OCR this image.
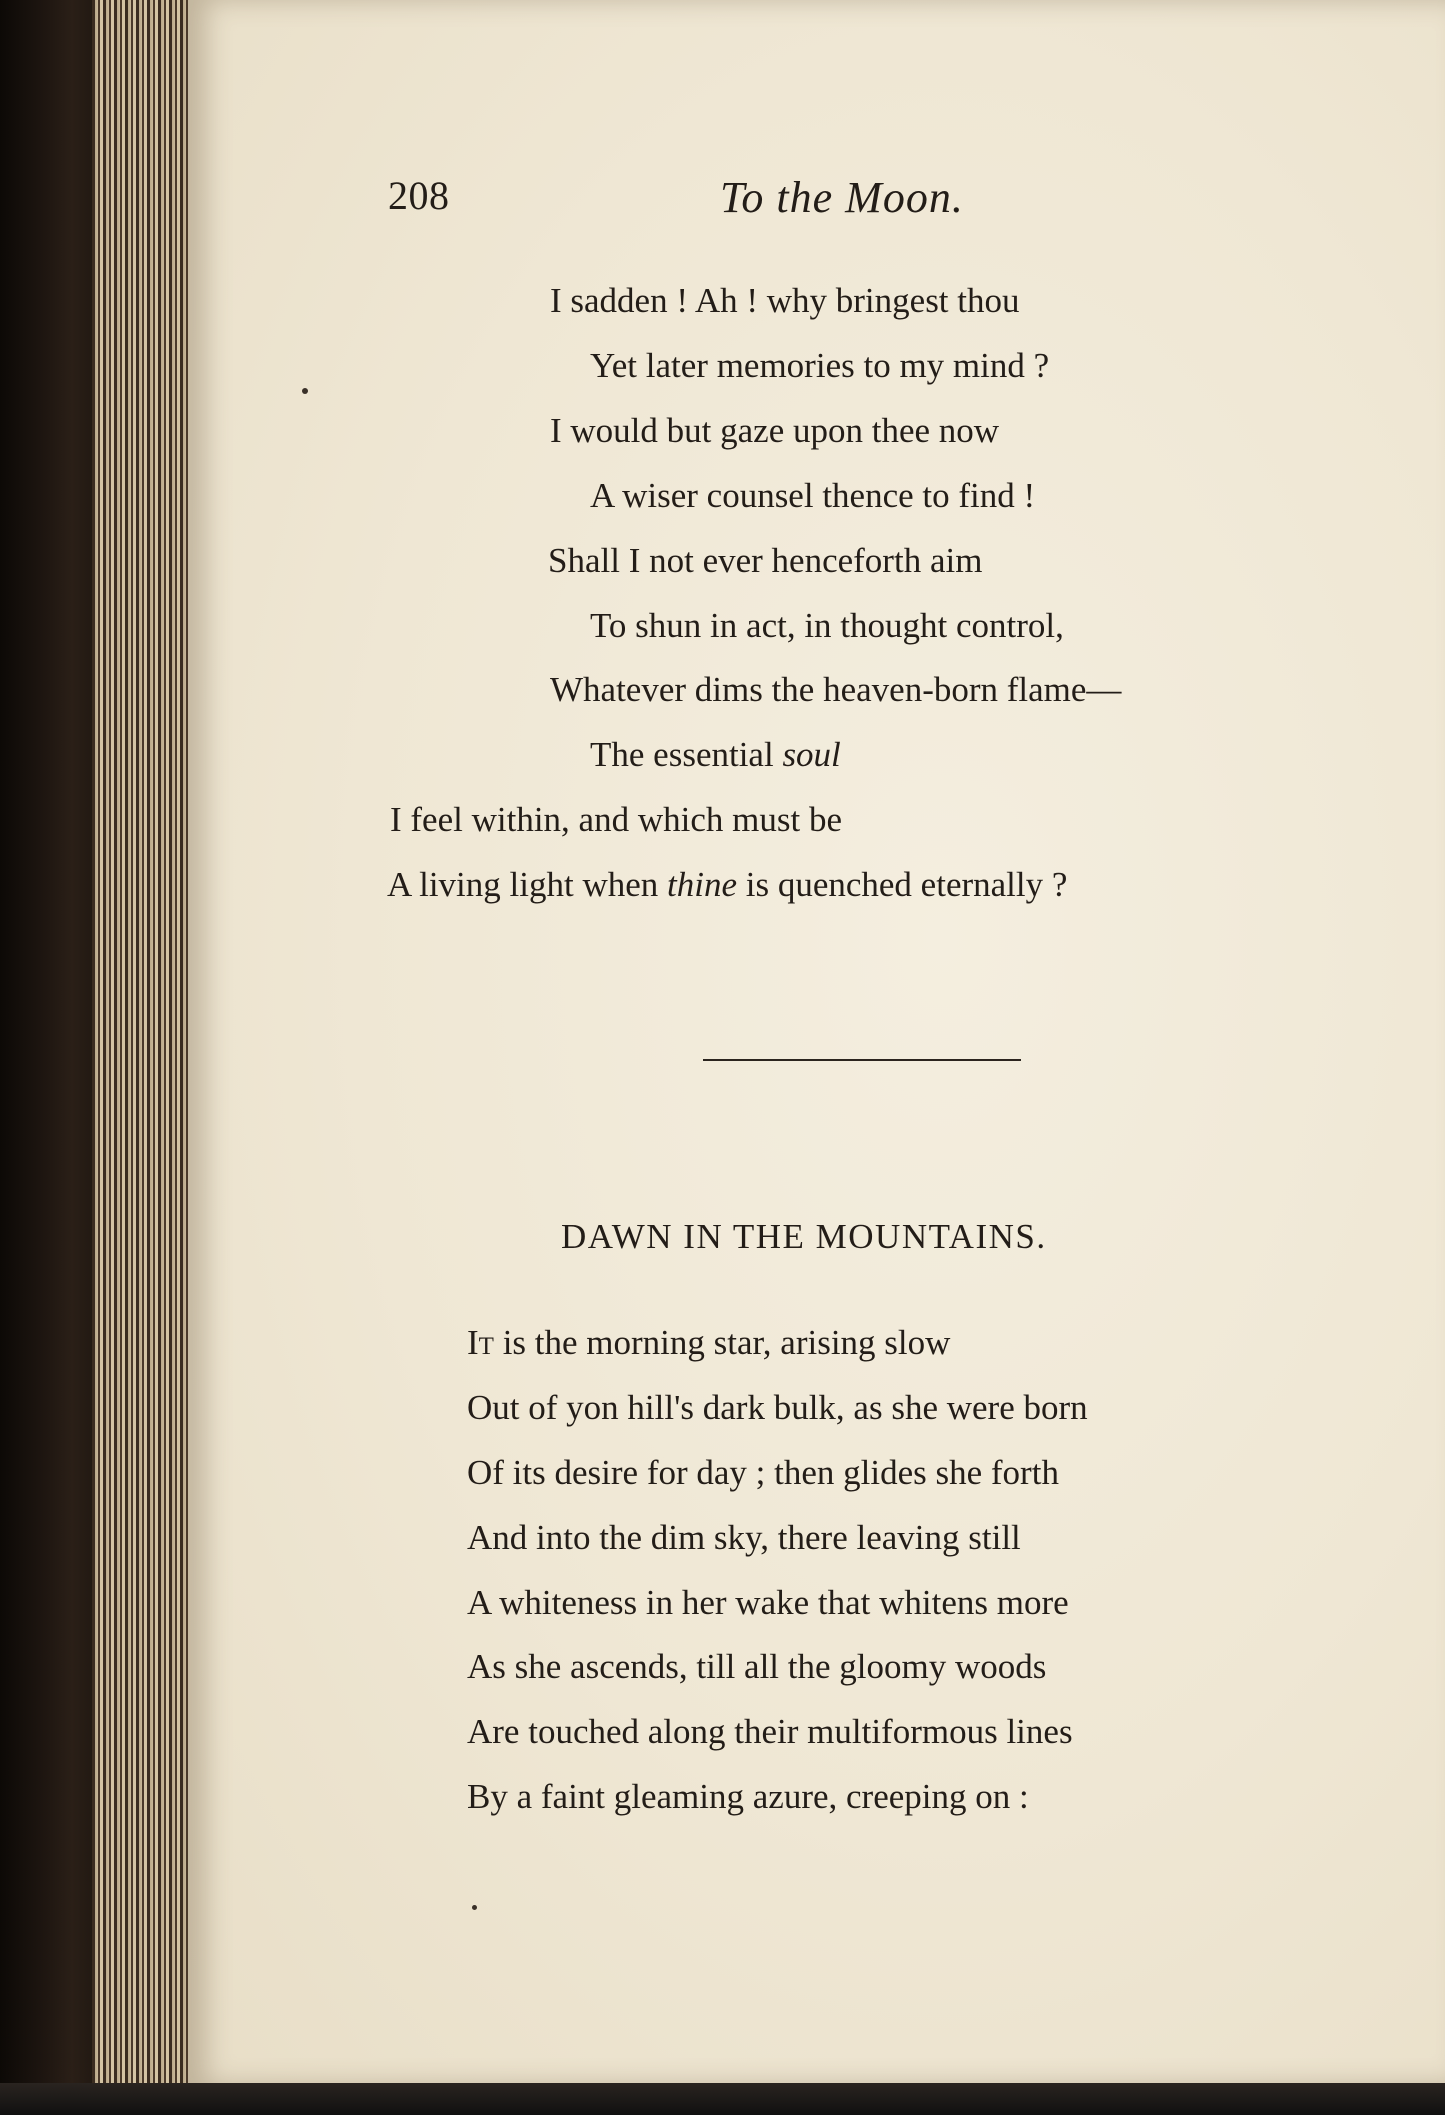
208	To the Moon.
I sadden ! Ah ! why bringest thou
Yet later memories to my mind ?
I would but gaze upon thee now
A wiser counsel thence to find !
Shall I not ever henceforth aim
To shun in act, in thought control,
Whatever dims the heaven-born flame—
The essential soul
I feel within, and which must be
A living light when thine is quenched eternally ?
DAWN IN THE MOUNTAINS.
It is the morning star, arising slow
Out of yon hill's dark bulk, as she were born
Of its desire for day ; then glides she forth
And into the dim sky, there leaving still
A whiteness in her wake that whitens more
As she ascends, till all the gloomy woods
Are touched along their multiformous lines
By a faint gleaming azure, creeping on :
